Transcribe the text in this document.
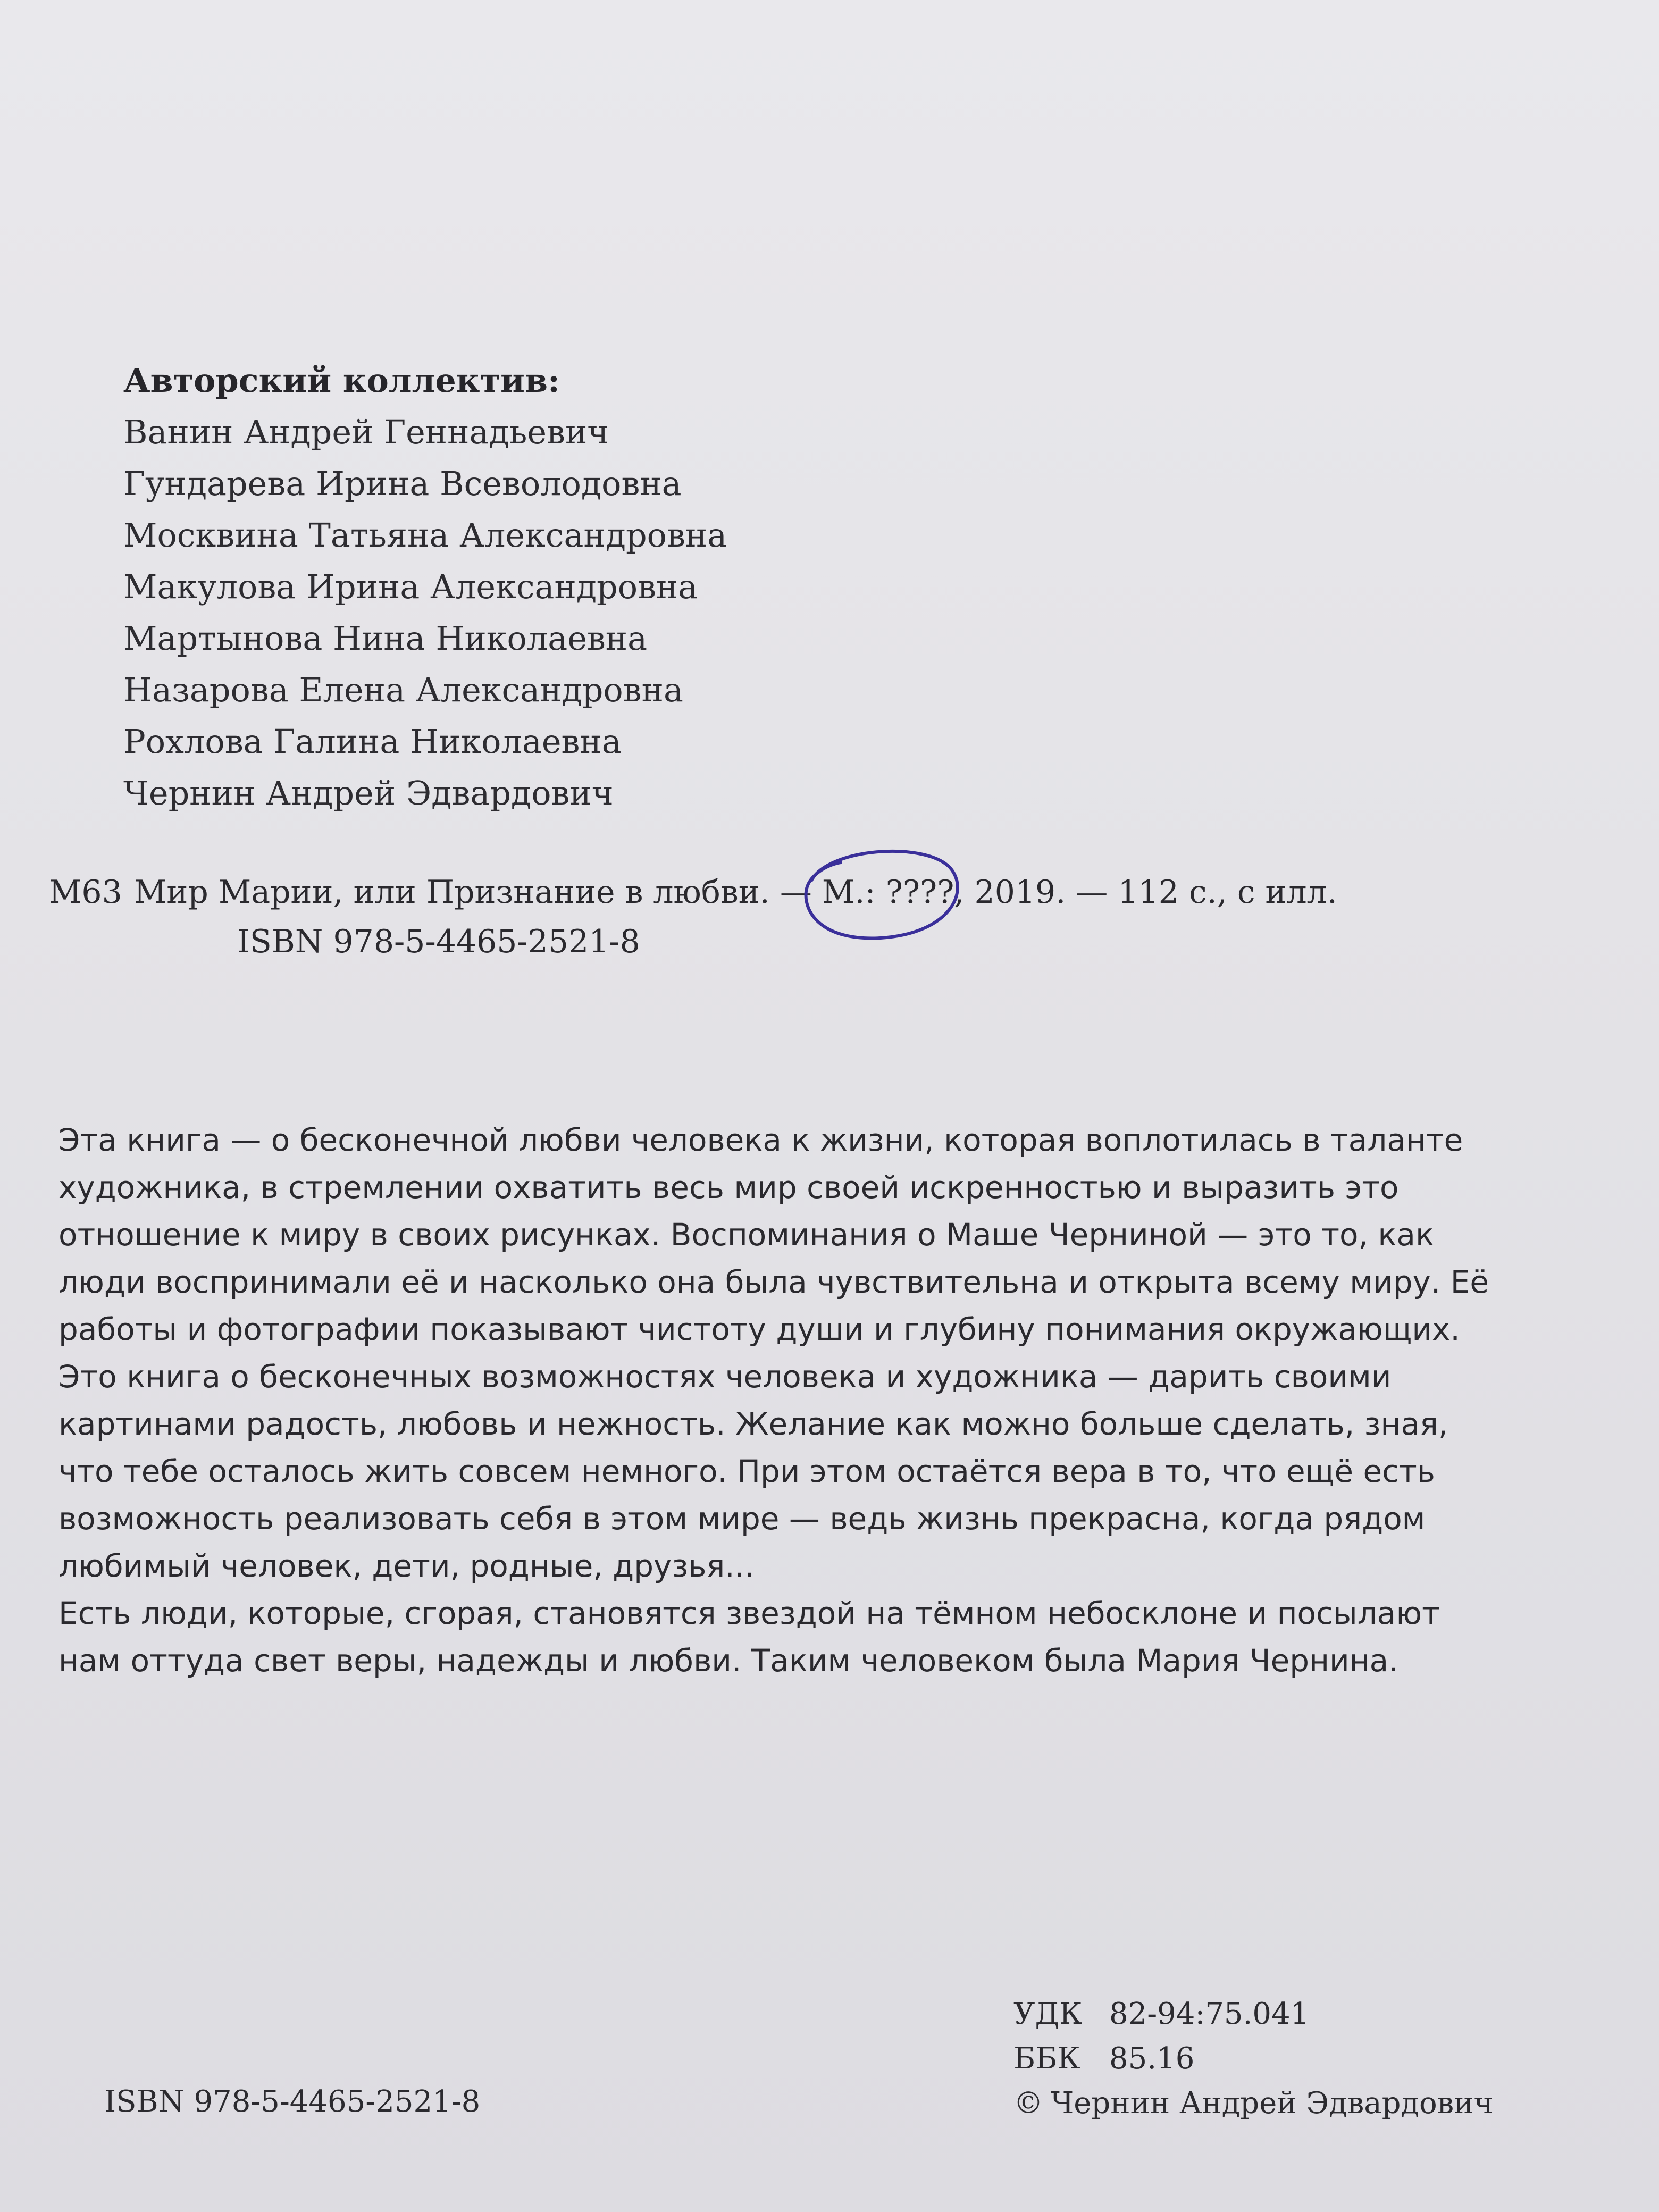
Авторский коллектив:
Ванин Андрей Геннадьевич
Гундарева Ирина Всеволодовна
Москвина Татьяна Александровна
Макулова Ирина Александровна
Мартынова Нина Николаевна
Назарова Елена Александровна
Рохлова Галина Николаевна
Чернин Андрей Эдвардович
М63 Мир Марии, или Признание в любви. — М.: ????,
2019. — 112 с., с илл.
ISBN 978-5-4465-2521-8

Эта книга — о бесконечной любви человека к жизни, которая воплотилась в таланте художника, в стремлении охватить весь мир своей искренностью и выразить это отношение к миру в своих рисунках. Воспоминания о Маше Черниной — это то, как люди воспринимали её и насколько она была чувствительна и открыта всему миру. Её работы и фотографии показывают чистоту души и глубину понимания окружающих.

Это книга о бесконечных возможностях человека и художника — дарить своими картинами радость, любовь и нежность. Желание как можно больше сделать, зная, что тебе осталось жить совсем немного. При этом остаётся вера в то, что ещё есть возможность реализовать себя в этом мире — ведь жизнь прекрасна, когда рядом любимый человек, дети, родные, друзья...

Есть люди, которые, сгорая, становятся звездой на тёмном небосклоне и посылают нам оттуда свет веры, надежды и любви. Таким человеком была Мария Чернина.

ISBN 978-5-4465-2521-8
УДК 82-94:75.041
ББК 85.16
© Чернин Андрей Эдвардович
